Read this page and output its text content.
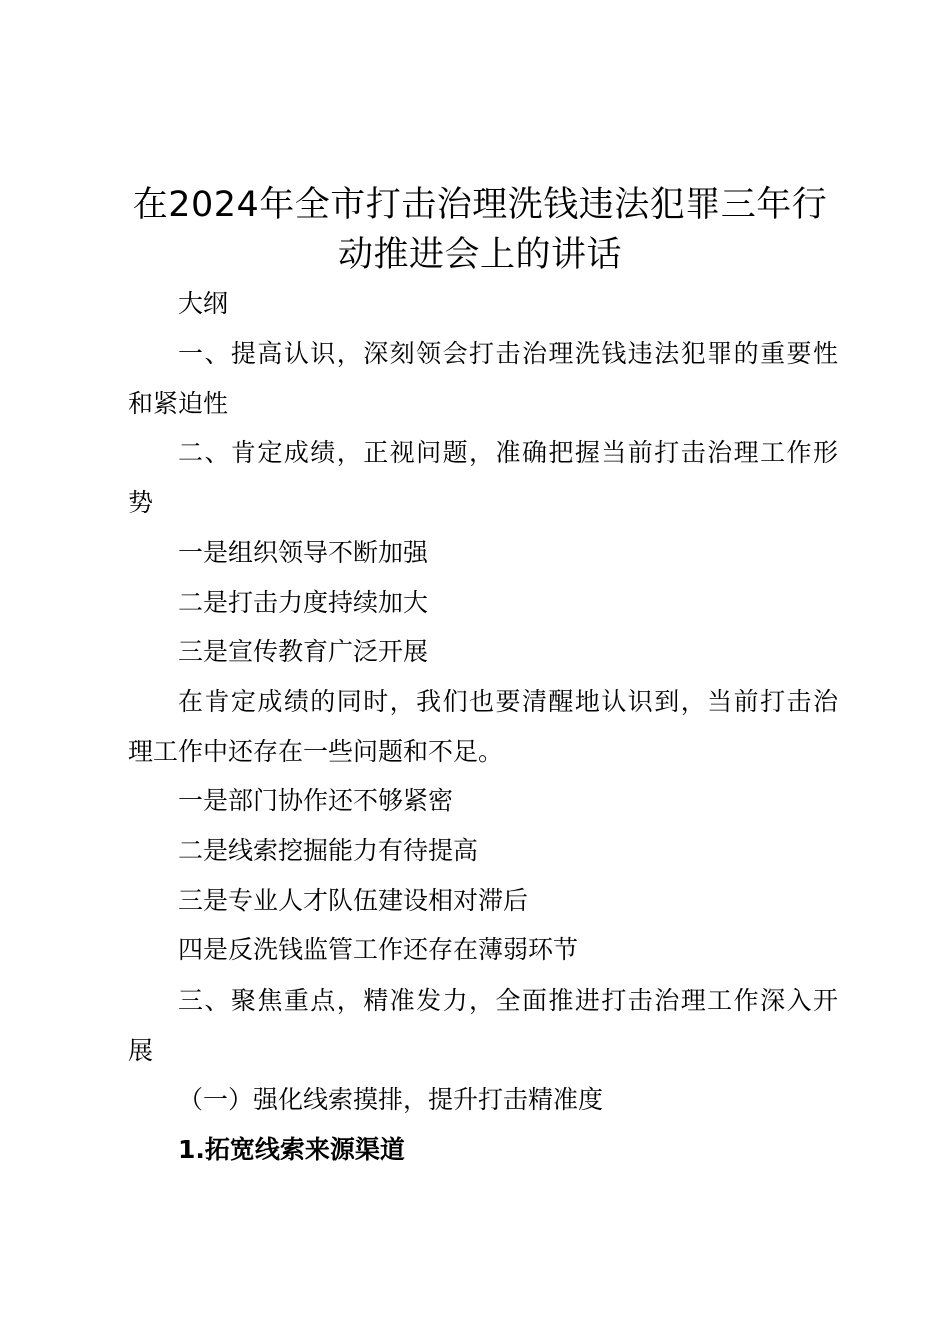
在2024年全市打击治理洗钱违法犯罪三年行
动推进会上的讲话

大纲

一、提高认识，深刻领会打击治理洗钱违法犯罪的重要性

和紧迫性

二、肯定成绩，正视问题，准确把握当前打击治理工作形

势

一是组织领导不断加强

二是打击力度持续加大

三是宣传教育广泛开展

在肯定成绩的同时，我们也要清醒地认识到，当前打击治

理工作中还存在一些问题和不足。

一是部门协作还不够紧密

二是线索挖掘能力有待提高

三是专业人才队伍建设相对滞后

四是反洗钱监管工作还存在薄弱环节

三、聚焦重点，精准发力，全面推进打击治理工作深入开

展

（一）强化线索摸排，提升打击精准度

1.拓宽线索来源渠道
